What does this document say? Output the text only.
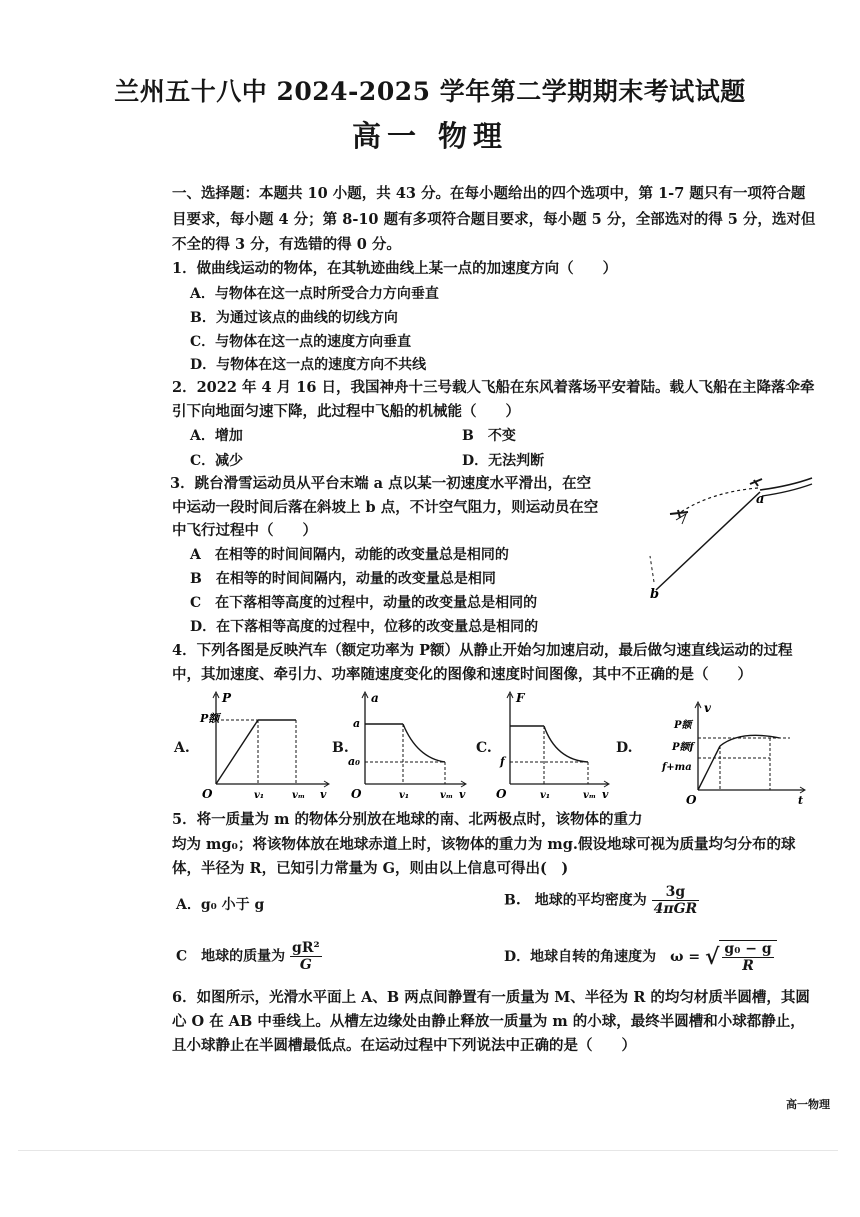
兰州五十八中 2024-2025 学年第二学期期末考试试题
高一 物理
一、选择题：本题共 10 小题，共 43 分。在每小题给出的四个选项中，第 1-7 题只有一项符合题
目要求，每小题 4 分；第 8-10 题有多项符合题目要求，每小题 5 分，全部选对的得 5 分，选对但
不全的得 3 分，有选错的得 0 分。
1．做曲线运动的物体，在其轨迹曲线上某一点的加速度方向（　　）
A．与物体在这一点时所受合力方向垂直
B．为通过该点的曲线的切线方向
C．与物体在这一点的速度方向垂直
D．与物体在这一点的速度方向不共线
2．2022 年 4 月 16 日，我国神舟十三号载人飞船在东风着落场平安着陆。载人飞船在主降落伞牵
引下向地面匀速下降，此过程中飞船的机械能（　　）
A．增加	B　不变
C．减少	D．无法判断
3．跳台滑雪运动员从平台末端 a 点以某一初速度水平滑出，在空
中运动一段时间后落在斜坡上 b 点，不计空气阻力，则运动员在空
中飞行过程中（　　）
A　在相等的时间间隔内，动能的改变量总是相同的
B　在相等的时间间隔内，动量的改变量总是相同
C　在下落相等高度的过程中，动量的改变量总是相同的
D．在下落相等高度的过程中，位移的改变量总是相同的
a
b
4．下列各图是反映汽车（额定功率为 P额）从静止开始匀加速启动，最后做匀速直线运动的过程
中，其加速度、牵引力、功率随速度变化的图像和速度时间图像，其中不正确的是（　　）
A.	B.	C.	D.
P
P额
O	v₁	vₘ v
a
a
a₀
O	v₁	vₘ v
F
f
O	v₁	vₘ v
v
P额
P额f
f+ma
O	t
5．将一质量为 m 的物体分别放在地球的南、北两极点时，该物体的重力
均为 mg₀；将该物体放在地球赤道上时，该物体的重力为 mg.假设地球可视为质量均匀分布的球
体，半径为 R，已知引力常量为 G，则由以上信息可得出(　)
A．g₀ 小于 g	B.　地球的平均密度为 $\frac{3g}{\text{4πGR}}$
C　地球的质量为 $\frac{\text{gR²}}{G}$	D．地球自转的角速度为　ω = √ $\frac{\text{g₀ − g}}{R}$
6．如图所示，光滑水平面上 A、B 两点间静置有一质量为 M、半径为 R 的均匀材质半圆槽，其圆
心 O 在 AB 中垂线上。从槽左边缘处由静止释放一质量为 m 的小球，最终半圆槽和小球都静止，
且小球静止在半圆槽最低点。在运动过程中下列说法中正确的是（　　）
高一物理
